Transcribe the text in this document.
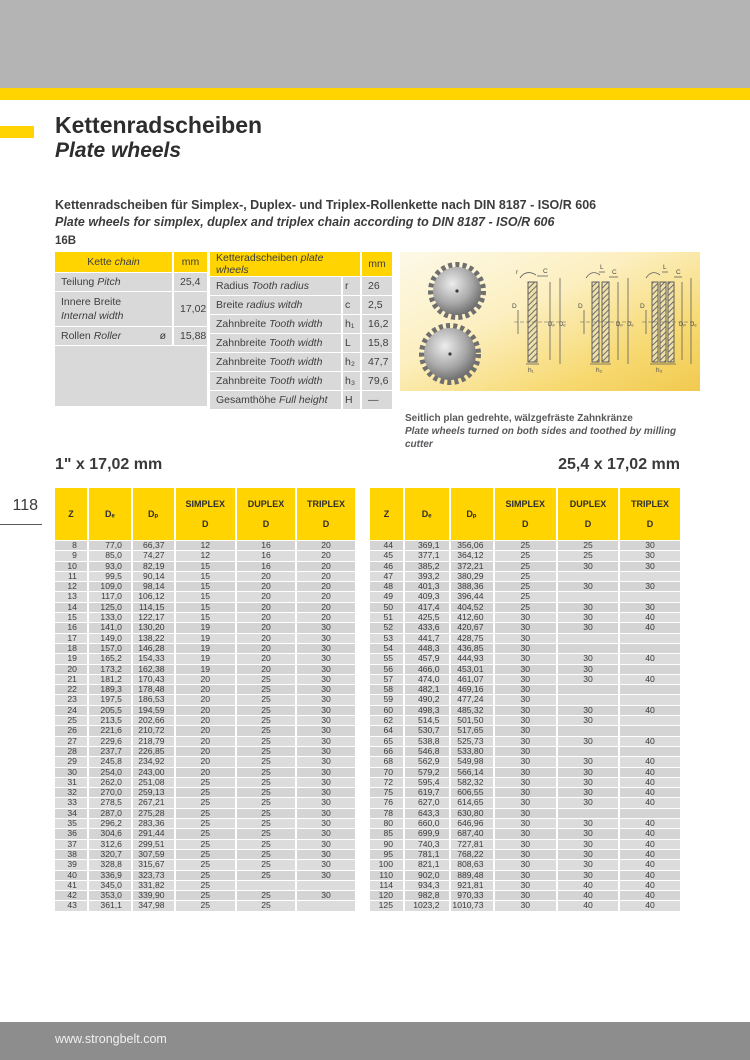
Kettenradscheiben
Plate wheels
Kettenradscheiben für Simplex-, Duplex- und Triplex-Rollenkette nach DIN 8187 - ISO/R 606
Plate wheels for simplex, duplex and triplex chain according to DIN 8187 - ISO/R 606
16B
Kette chain	mm
Teilung Pitch	25,4
Innere Breite
Internal width	17,02
Rollen Roller ø	15,88

Ketteradscheiben plate wheels		mm
Radius Tooth radius	r	26
Breite radius witdh	c	2,5
Zahnbreite Tooth width	h₁	16,2
Zahnbreite Tooth width	L	15,8
Zahnbreite Tooth width	h₂	47,7
Zahnbreite Tooth width	h₃	79,6
Gesamthöhe Full height	H	—
r	C
D
Dₚ Dₑ
h₁
L
C
D
Dₚ Dₑ
h₂
L
C
D
Dₚ Dₑ
h₃
Seitlich plan gedrehte, wälzgefräste Zahnkränze
Plate wheels turned on both sides and toothed by milling cutter
1" x 17,02 mm	25,4 x 17,02 mm
118	Z	Dₑ	Dₚ	SIMPLEX
D	DUPLEX
D	TRIPLEX
D

8	77,0	66,37	12	16	20
9	85,0	74,27	12	16	20
10	93,0	82,19	15	16	20
11	99,5	90,14	15	20	20
12	109,0	98,14	15	20	20
13	117,0	106,12	15	20	20
14	125,0	114,15	15	20	20
15	133,0	122,17	15	20	20
16	141,0	130,20	19	20	30
17	149,0	138,22	19	20	30
18	157,0	146,28	19	20	30
19	165,2	154,33	19	20	30
20	173,2	162,38	19	20	30
21	181,2	170,43	20	25	30
22	189,3	178,48	20	25	30
23	197,5	186,53	20	25	30
24	205,5	194,59	20	25	30
25	213,5	202,66	20	25	30
26	221,6	210,72	20	25	30
27	229,6	218,79	20	25	30
28	237,7	226,85	20	25	30
29	245,8	234,92	20	25	30
30	254,0	243,00	20	25	30
31	262,0	251,08	25	25	30
32	270,0	259,13	25	25	30
33	278,5	267,21	25	25	30
34	287,0	275,28	25	25	30
35	296,2	283,36	25	25	30
36	304,6	291,44	25	25	30
37	312,6	299,51	25	25	30
38	320,7	307,59	25	25	30
39	328,8	315,67	25	25	30
40	336,9	323,73	25	25	30
41	345,0	331,82	25		
42	353,0	339,90	25	25	30
43	361,1	347,98	25	25	
Z	Dₑ	Dₚ	SIMPLEX
D	DUPLEX
D	TRIPLEX
D

44	369,1	356,06	25	25	30
45	377,1	364,12	25	25	30
46	385,2	372,21	25	30	30
47	393,2	380,29	25		
48	401,3	388,36	25	30	30
49	409,3	396,44	25		
50	417,4	404,52	25	30	30
51	425,5	412,60	30	30	40
52	433,6	420,67	30	30	40
53	441,7	428,75	30		
54	448,3	436,85	30		
55	457,9	444,93	30	30	40
56	466,0	453,01	30	30	
57	474,0	461,07	30	30	40
58	482,1	469,16	30		
59	490,2	477,24	30		
60	498,3	485,32	30	30	40
62	514,5	501,50	30	30	
64	530,7	517,65	30		
65	538,8	525,73	30	30	40
66	546,8	533,80	30		
68	562,9	549,98	30	30	40
70	579,2	566,14	30	30	40
72	595,4	582,32	30	30	40
75	619,7	606,55	30	30	40
76	627,0	614,65	30	30	40
78	643,3	630,80	30		
80	660,0	646,96	30	30	40
85	699,9	687,40	30	30	40
90	740,3	727,81	30	30	40
95	781,1	768,22	30	30	40
100	821,1	808,63	30	30	40
110	902,0	889,48	30	30	40
114	934,3	921,81	30	40	40
120	982,8	970,33	30	40	40
125	1023,2	1010,73	30	40	40
www.strongbelt.com
